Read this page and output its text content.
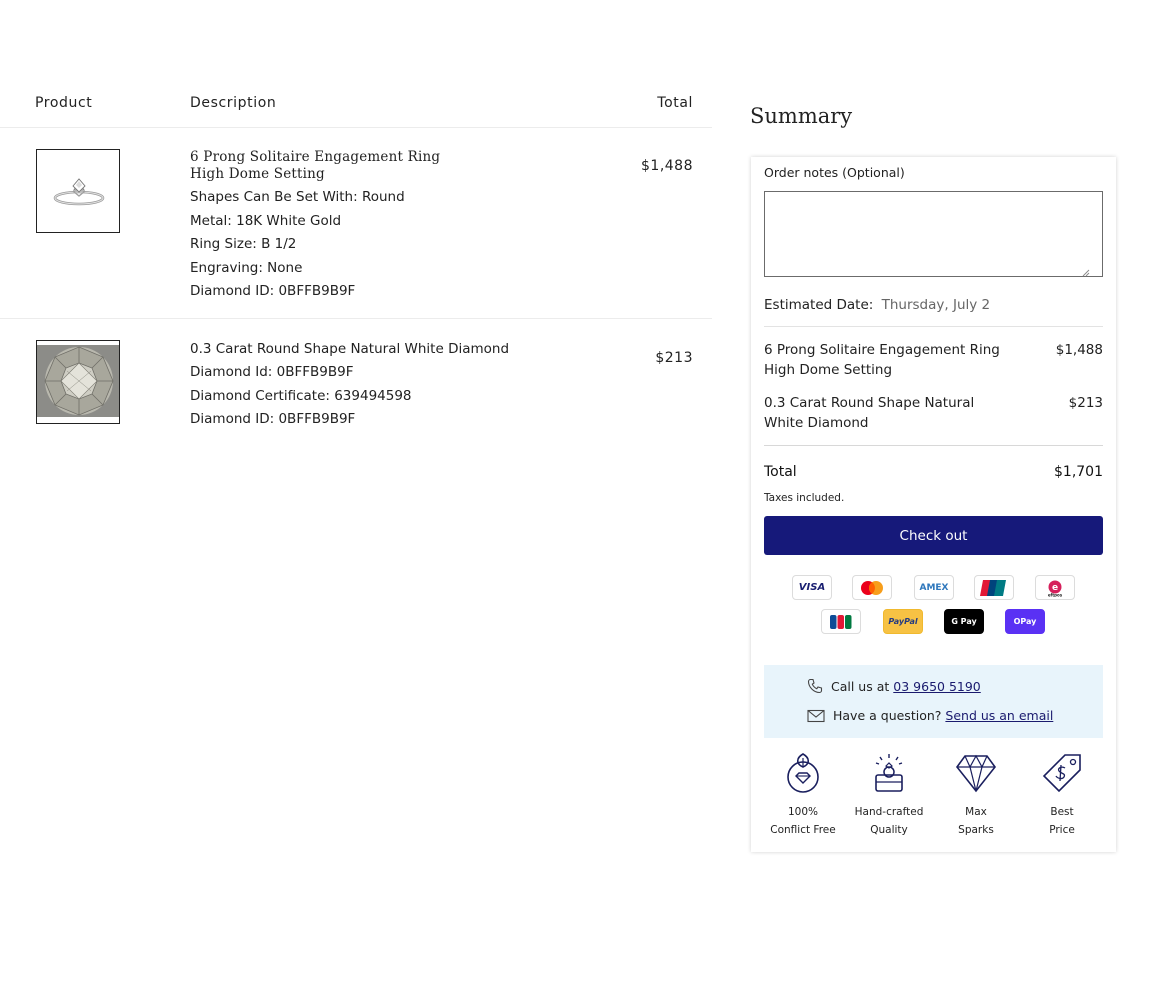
Product	Description	Total
6 Prong Solitaire Engagement Ring
High Dome Setting
Shapes Can Be Set With: Round
Metal: 18K White Gold
Ring Size: B 1/2
Engraving: None
Diamond ID: 0BFFB9B9F
$1,488
0.3 Carat Round Shape Natural White Diamond
Diamond Id: 0BFFB9B9F
Diamond Certificate: 639494598
Diamond ID: 0BFFB9B9F
$213
Summary
Order notes (Optional)
Estimated Date: Thursday, July 2
6 Prong Solitaire Engagement Ring High Dome Setting
$1,488
0.3 Carat Round Shape Natural White Diamond
$213
Total	$1,701
Taxes included.
Check out
VISA	AMEX	e
eftpos
PayPal	G Pay	OPay
Call us at 03 9650 5190
Have a question? Send us an email
100%
Conflict Free
Hand-crafted
Quality
Max
Sparks
Best
Price
